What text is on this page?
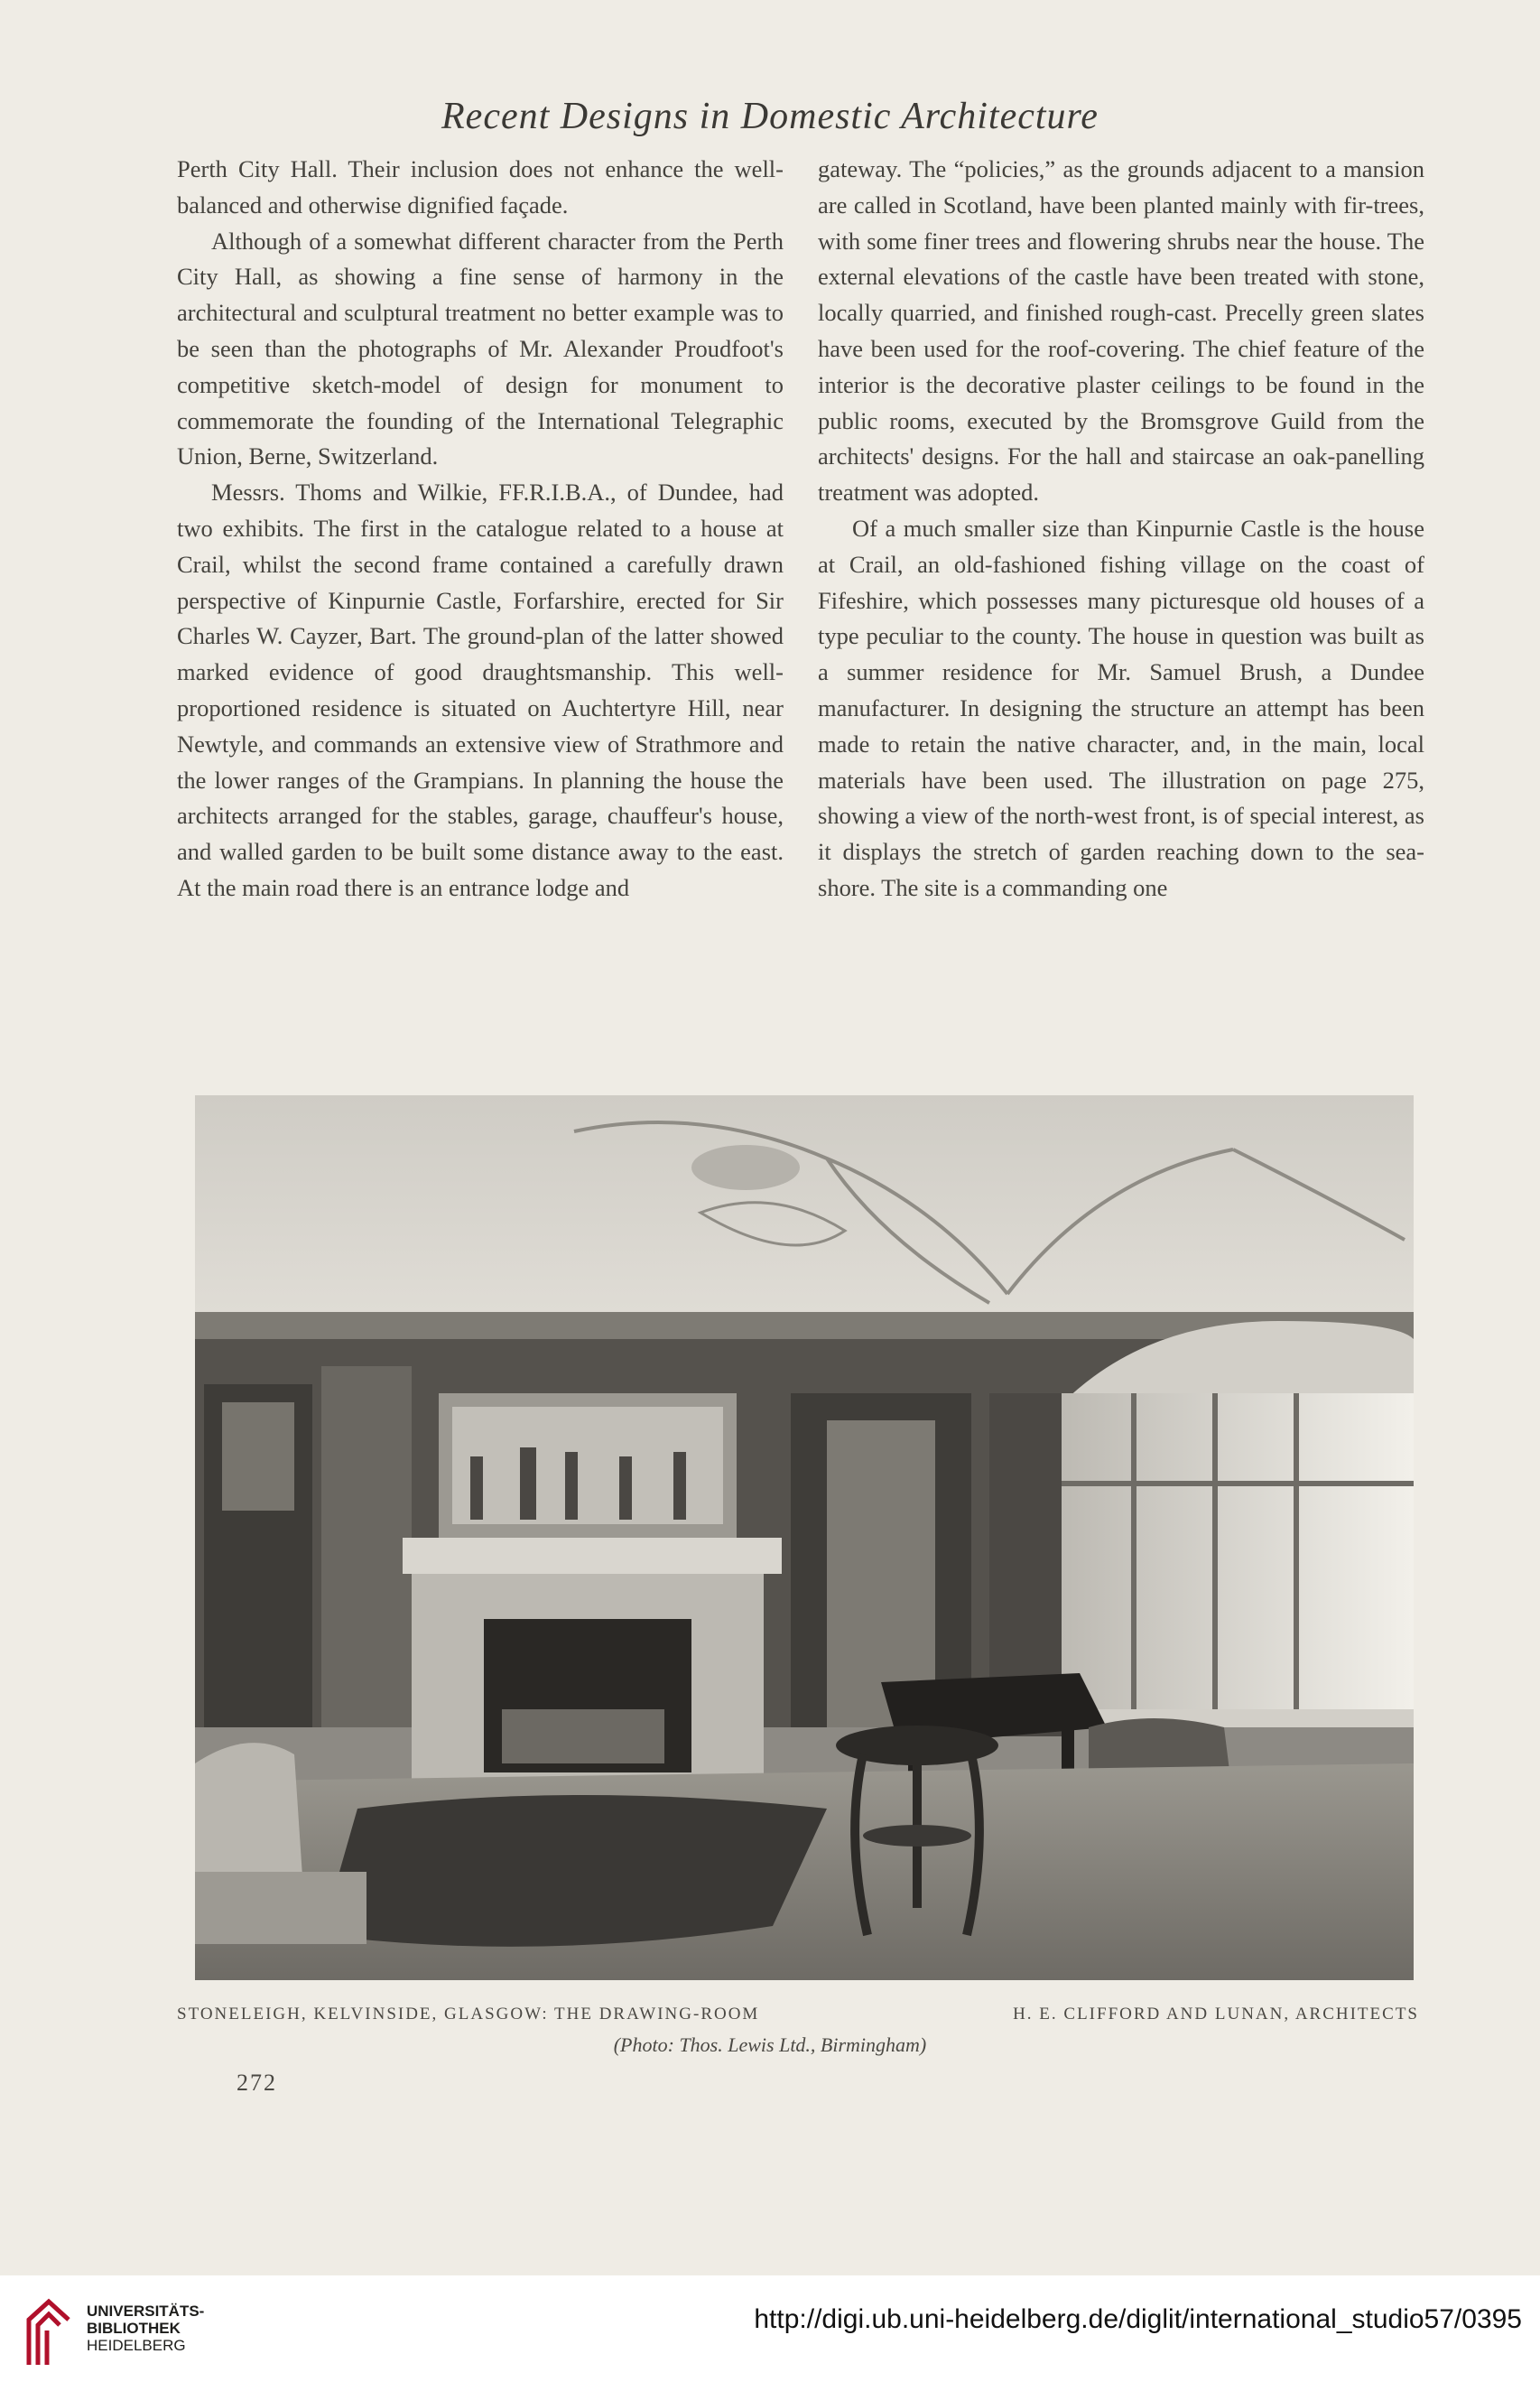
Recent Designs in Domestic Architecture

Perth City Hall. Their inclusion does not enhance the well-balanced and otherwise dignified façade.

Although of a somewhat different character from the Perth City Hall, as showing a fine sense of harmony in the architectural and sculptural treatment no better example was to be seen than the photographs of Mr. Alexander Proudfoot's competitive sketch-model of design for monument to commemorate the founding of the International Telegraphic Union, Berne, Switzerland.

Messrs. Thoms and Wilkie, FF.R.I.B.A., of Dundee, had two exhibits. The first in the catalogue related to a house at Crail, whilst the second frame contained a carefully drawn perspective of Kinpurnie Castle, Forfarshire, erected for Sir Charles W. Cayzer, Bart. The ground-plan of the latter showed marked evidence of good draughtsmanship. This well-proportioned residence is situated on Auchtertyre Hill, near Newtyle, and commands an extensive view of Strathmore and the lower ranges of the Grampians. In planning the house the architects arranged for the stables, garage, chauffeur's house, and walled garden to be built some distance away to the east. At the main road there is an entrance lodge and

gateway. The “policies,” as the grounds adjacent to a mansion are called in Scotland, have been planted mainly with fir-trees, with some finer trees and flowering shrubs near the house. The external elevations of the castle have been treated with stone, locally quarried, and finished rough-cast. Precelly green slates have been used for the roof-covering. The chief feature of the interior is the decorative plaster ceilings to be found in the public rooms, executed by the Bromsgrove Guild from the architects' designs. For the hall and staircase an oak-panelling treatment was adopted.

Of a much smaller size than Kinpurnie Castle is the house at Crail, an old-fashioned fishing village on the coast of Fifeshire, which possesses many picturesque old houses of a type peculiar to the county. The house in question was built as a summer residence for Mr. Samuel Brush, a Dundee manufacturer. In designing the structure an attempt has been made to retain the native character, and, in the main, local materials have been used. The illustration on page 275, showing a view of the north-west front, is of special interest, as it displays the stretch of garden reaching down to the sea-shore. The site is a commanding one

STONELEIGH, KELVINSIDE, GLASGOW: THE DRAWING-ROOM	H. E. CLIFFORD AND LUNAN, ARCHITECTS
(Photo: Thos. Lewis Ltd., Birmingham)
272
UNIVERSITÄTS-
BIBLIOTHEK
HEIDELBERG
http://digi.ub.uni-heidelberg.de/diglit/international_studio57/0395
